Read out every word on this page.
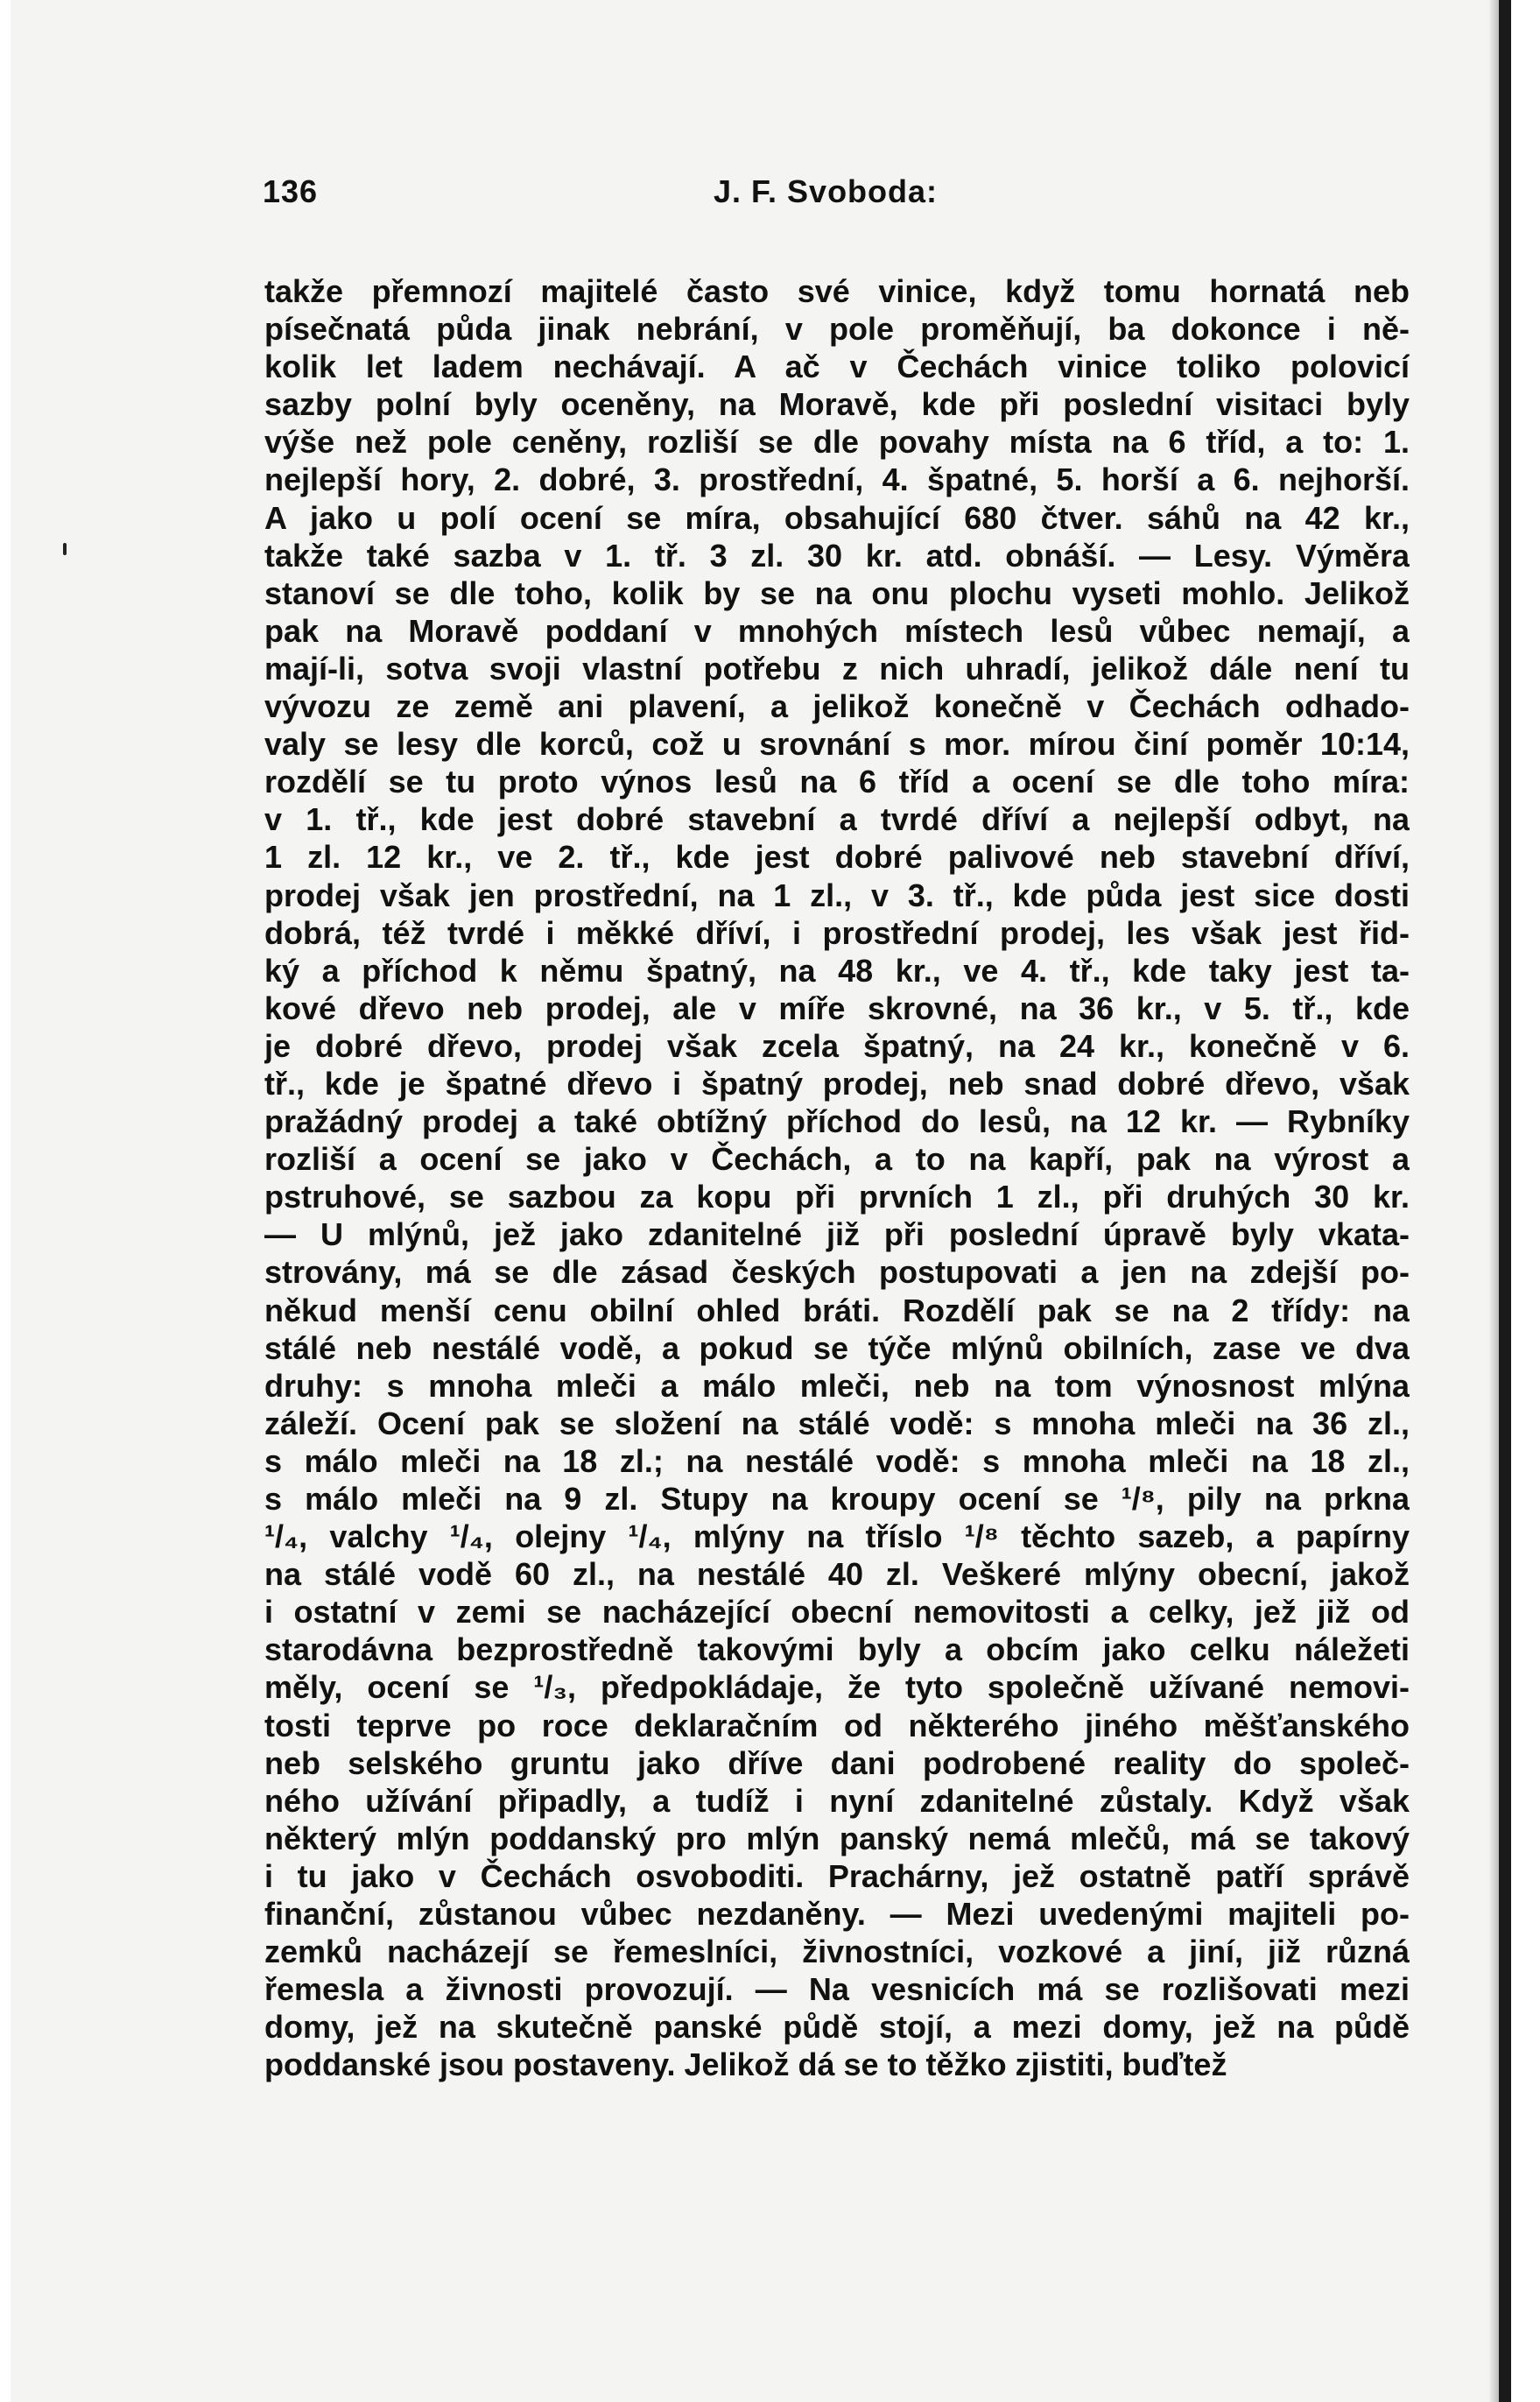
136	J. F. Svoboda:
takže přemnozí majitelé často své vinice, když tomu hornatá neb
písečnatá půda jinak nebrání, v pole proměňují, ba dokonce i ně-
kolik let ladem nechávají. A ač v Čechách vinice toliko polovicí
sazby polní byly oceněny, na Moravě, kde při poslední visitaci byly
výše než pole ceněny, rozliší se dle povahy místa na 6 tříd, a to: 1.
nejlepší hory, 2. dobré, 3. prostřední, 4. špatné, 5. horší a 6. nejhorší.
A jako u polí ocení se míra, obsahující 680 čtver. sáhů na 42 kr.,
takže také sazba v 1. tř. 3 zl. 30 kr. atd. obnáší. — Lesy. Výměra
stanoví se dle toho, kolik by se na onu plochu vyseti mohlo. Jelikož
pak na Moravě poddaní v mnohých místech lesů vůbec nemají, a
mají-li, sotva svoji vlastní potřebu z nich uhradí, jelikož dále není tu
vývozu ze země ani plavení, a jelikož konečně v Čechách odhado-
valy se lesy dle korců, což u srovnání s mor. mírou činí poměr 10:14,
rozdělí se tu proto výnos lesů na 6 tříd a ocení se dle toho míra:
v 1. tř., kde jest dobré stavební a tvrdé dříví a nejlepší odbyt, na
1 zl. 12 kr., ve 2. tř., kde jest dobré palivové neb stavební dříví,
prodej však jen prostřední, na 1 zl., v 3. tř., kde půda jest sice dosti
dobrá, též tvrdé i měkké dříví, i prostřední prodej, les však jest řid-
ký a příchod k němu špatný, na 48 kr., ve 4. tř., kde taky jest ta-
kové dřevo neb prodej, ale v míře skrovné, na 36 kr., v 5. tř., kde
je dobré dřevo, prodej však zcela špatný, na 24 kr., konečně v 6.
tř., kde je špatné dřevo i špatný prodej, neb snad dobré dřevo, však
pražádný prodej a také obtížný příchod do lesů, na 12 kr. — Rybníky
rozliší a ocení se jako v Čechách, a to na kapří, pak na výrost a
pstruhové, se sazbou za kopu při prvních 1 zl., při druhých 30 kr.
— U mlýnů, jež jako zdanitelné již při poslední úpravě byly vkata-
strovány, má se dle zásad českých postupovati a jen na zdejší po-
někud menší cenu obilní ohled bráti. Rozdělí pak se na 2 třídy: na
stálé neb nestálé vodě, a pokud se týče mlýnů obilních, zase ve dva
druhy: s mnoha mleči a málo mleči, neb na tom výnosnost mlýna
záleží. Ocení pak se složení na stálé vodě: s mnoha mleči na 36 zl.,
s málo mleči na 18 zl.; na nestálé vodě: s mnoha mleči na 18 zl.,
s málo mleči na 9 zl. Stupy na kroupy ocení se ¹/⁸, pily na prkna
¹/₄, valchy ¹/₄, olejny ¹/₄, mlýny na tříslo ¹/⁸ těchto sazeb, a papírny
na stálé vodě 60 zl., na nestálé 40 zl. Veškeré mlýny obecní, jakož
i ostatní v zemi se nacházející obecní nemovitosti a celky, jež již od
starodávna bezprostředně takovými byly a obcím jako celku náležeti
měly, ocení se ¹/₃, předpokládaje, že tyto společně užívané nemovi-
tosti teprve po roce deklaračním od některého jiného měšťanského
neb selského gruntu jako dříve dani podrobené reality do společ-
ného užívání připadly, a tudíž i nyní zdanitelné zůstaly. Když však
některý mlýn poddanský pro mlýn panský nemá mlečů, má se takový
i tu jako v Čechách osvoboditi. Prachárny, jež ostatně patří správě
finanční, zůstanou vůbec nezdaněny. — Mezi uvedenými majiteli po-
zemků nacházejí se řemeslníci, živnostníci, vozkové a jiní, již různá
řemesla a živnosti provozují. — Na vesnicích má se rozlišovati mezi
domy, jež na skutečně panské půdě stojí, a mezi domy, jež na půdě
poddanské jsou postaveny. Jelikož dá se to těžko zjistiti, buďtež
